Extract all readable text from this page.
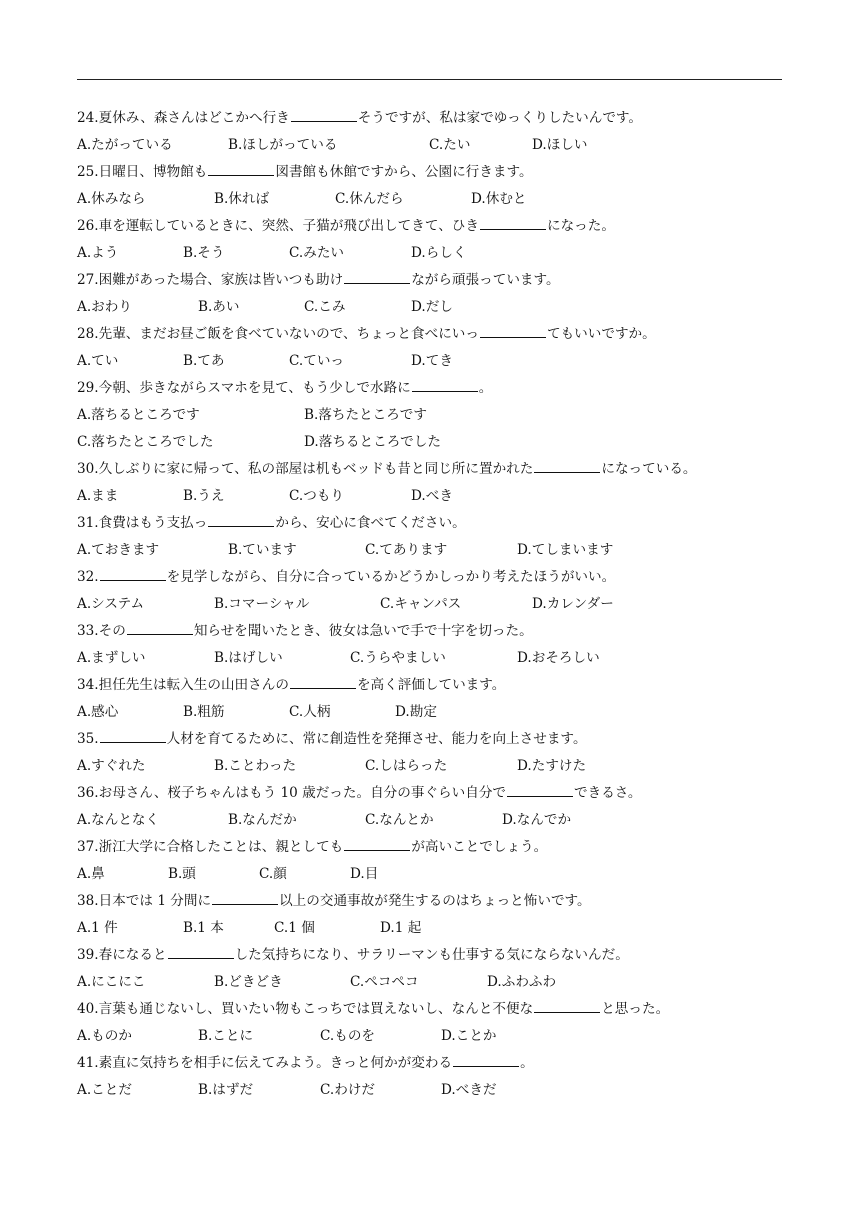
24.夏休み、森さんはどこかへ行き	そうですが、私は家でゆっくりしたいんです。
A.たがっている	B.ほしがっている	C.たい	D.ほしい
25.日曜日、博物館も	図書館も休館ですから、公園に行きます。
A.休みなら	B.休れば	C.休んだら	D.休むと
26.車を運転しているときに、突然、子猫が飛び出してきて、ひき	になった。
A.よう	B.そう	C.みたい	D.らしく
27.困難があった場合、家族は皆いつも助け	ながら頑張っています。
A.おわり	B.あい	C.こみ	D.だし
28.先輩、まだお昼ご飯を食べていないので、ちょっと食べにいっ	てもいいですか。
A.てい	B.てあ	C.ていっ	D.てき
29.今朝、歩きながらスマホを見て、もう少しで水路に	。
A.落ちるところです	B.落ちたところです
C.落ちたところでした	D.落ちるところでした
30.久しぶりに家に帰って、私の部屋は机もベッドも昔と同じ所に置かれた	になっている。
A.まま	B.うえ	C.つもり	D.べき
31.食費はもう支払っ	から、安心に食べてください。
A.ておきます	B.ています	C.てあります	D.てしまいます
32.	を見学しながら、自分に合っているかどうかしっかり考えたほうがいい。
A.システム	B.コマーシャル	C.キャンパス	D.カレンダー
33.その	知らせを聞いたとき、彼女は急いで手で十字を切った。
A.まずしい	B.はげしい	C.うらやましい	D.おそろしい
34.担任先生は転入生の山田さんの	を高く評価しています。
A.感心	B.粗筋	C.人柄	D.勘定
35.	人材を育てるために、常に創造性を発揮させ、能力を向上させます。
A.すぐれた	B.ことわった	C.しはらった	D.たすけた
36.お母さん、桜子ちゃんはもう 10 歳だった。自分の事ぐらい自分で	できるさ。
A.なんとなく	B.なんだか	C.なんとか	D.なんでか
37.浙江大学に合格したことは、親としても	が高いことでしょう。
A.鼻	B.頭	C.顔	D.目
38.日本では 1 分間に	以上の交通事故が発生するのはちょっと怖いです。
A.1 件	B.1 本	C.1 個	D.1 起
39.春になると	した気持ちになり、サラリーマンも仕事する気にならないんだ。
A.にこにこ	B.どきどき	C.ペコペコ	D.ふわふわ
40.言葉も通じないし、買いたい物もこっちでは買えないし、なんと不便な	と思った。
A.ものか	B.ことに	C.ものを	D.ことか
41.素直に気持ちを相手に伝えてみよう。きっと何かが変わる	。
A.ことだ	B.はずだ	C.わけだ	D.べきだ
